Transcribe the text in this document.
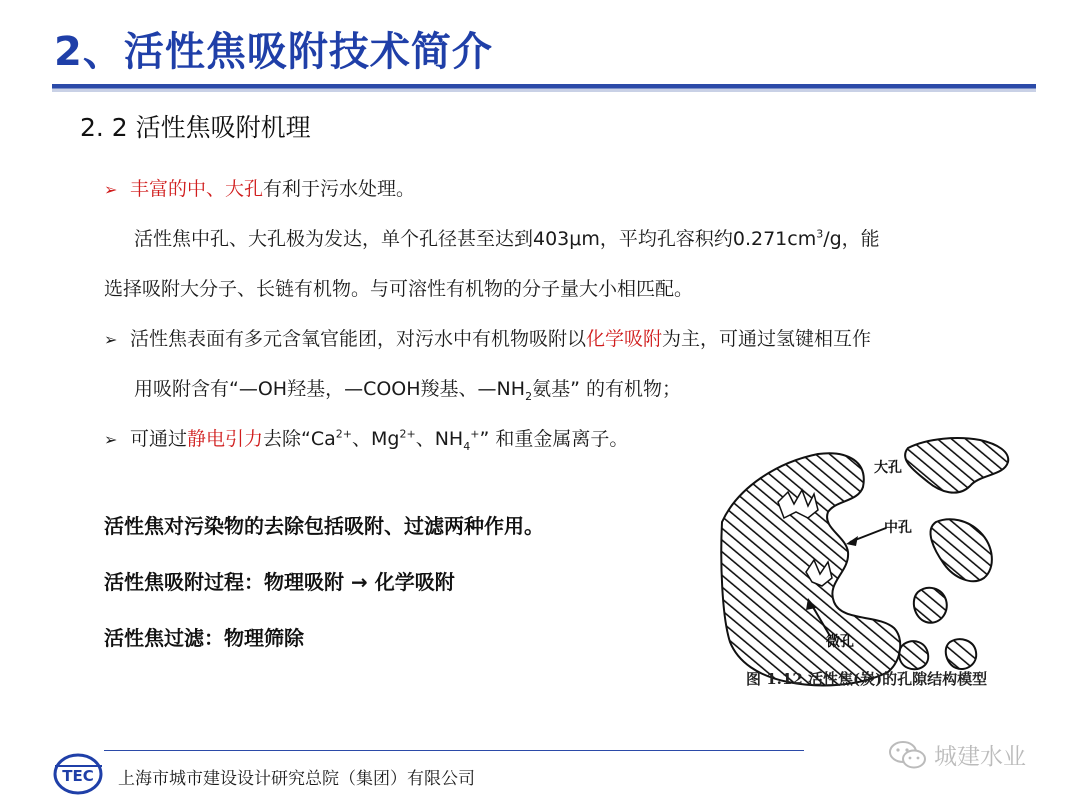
2、活性焦吸附技术简介
2. 2 活性焦吸附机理
➢ 丰富的中、大孔有利于污水处理。
活性焦中孔、大孔极为发达，单个孔径甚至达到403μm，平均孔容积约$0.271cm^3/g$，能
选择吸附大分子、长链有机物。与可溶性有机物的分子量大小相匹配。
➢ 活性焦表面有多元含氧官能团，对污水中有机物吸附以化学吸附为主，可通过氢键相互作
用吸附含有“—OH羟基，—COOH羧基、$—NH_2$氨基” 的有机物；
➢ 可通过静电引力去除“$Ca^{2+}$、$Mg^{2+}$、$NH_4^+$” 和重金属离子。
活性焦对污染物的去除包括吸附、过滤两种作用。
活性焦吸附过程：物理吸附 → 化学吸附
活性焦过滤：物理筛除
大孔
中孔
微孔
图 1.12 活性焦(炭)的孔隙结构模型
TEC 上海市城市建设设计研究总院（集团）有限公司
城建水业
